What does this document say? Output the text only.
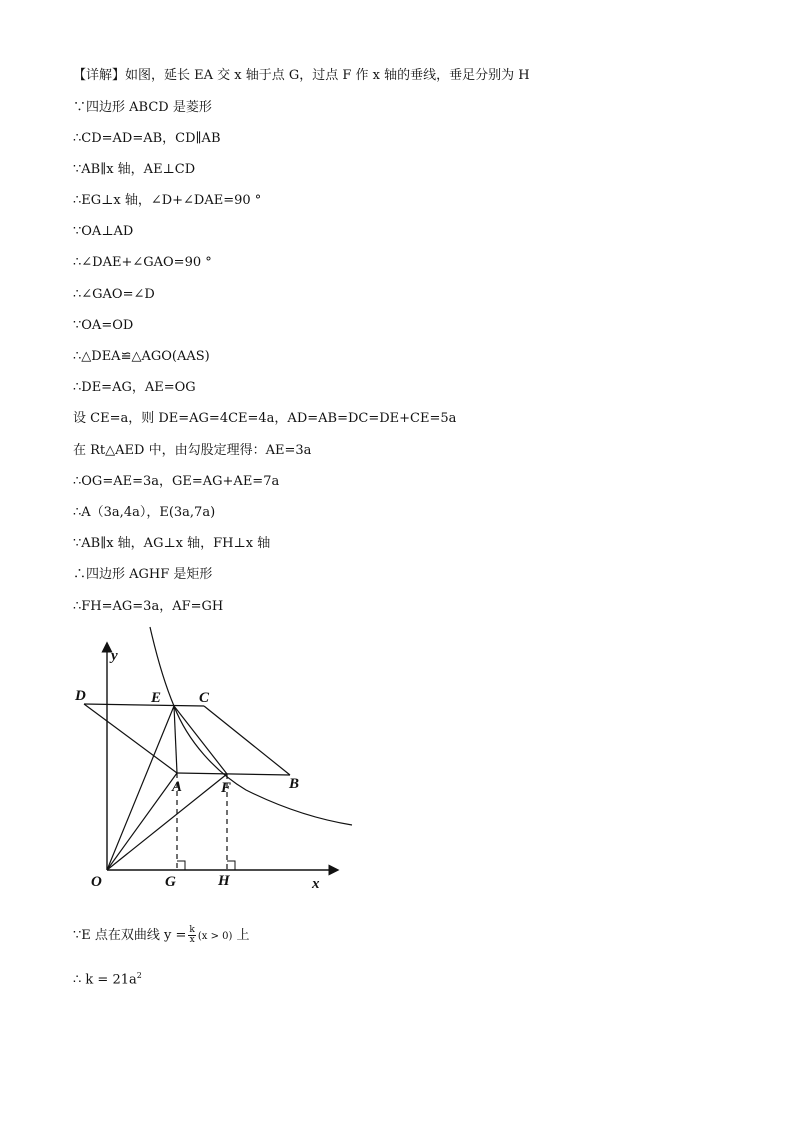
【详解】如图，延长 EA 交 x 轴于点 G，过点 F 作 x 轴的垂线，垂足分别为 H
∵四边形 ABCD 是菱形
∴CD=AD=AB，CD∥AB
∵AB∥x 轴，AE⊥CD
∴EG⊥x 轴，∠D+∠DAE=90 °
∵OA⊥AD
∴∠DAE+∠GAO=90 °
∴∠GAO=∠D
∵OA=OD
∴△DEA≌△AGO(AAS)
∴DE=AG，AE=OG
设 CE=a，则 DE=AG=4CE=4a，AD=AB=DC=DE+CE=5a
在 Rt△AED 中，由勾股定理得：AE=3a
∴OG=AE=3a，GE=AG+AE=7a
∴A（3a,4a），E(3a,7a)
∵AB∥x 轴，AG⊥x 轴，FH⊥x 轴
∴四边形 AGHF 是矩形
∴FH=AG=3a，AF=GH
y
x
O
D	E	C
A	F	B
G	H
∵E 点在双曲线 $y = \frac{k}{x} (x > 0)$ 上
∴ $k = 21a^2$
